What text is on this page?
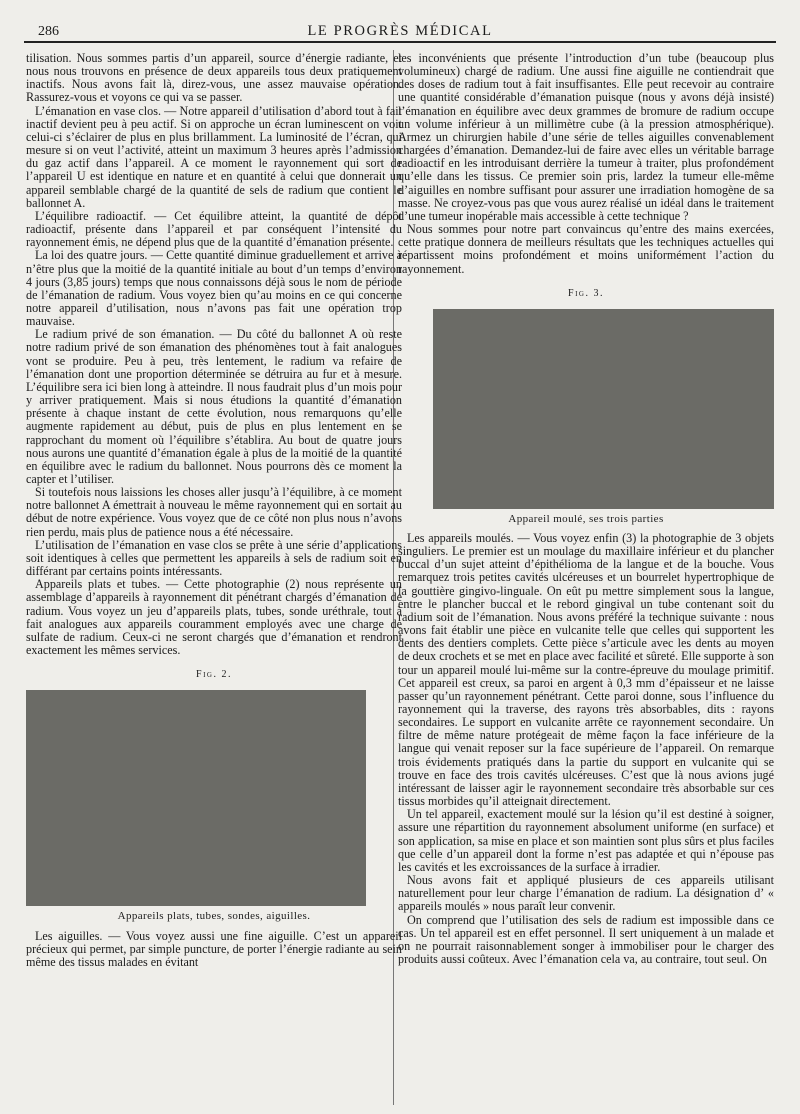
286	LE PROGRÈS MÉDICAL

tilisation. Nous sommes partis d’un appareil, source d’énergie radiante, et nous nous trouvons en présence de deux appareils tous deux pratiquement inactifs. Nous avons fait là, direz-vous, une assez mauvaise opération. Rassurez-vous et voyons ce qui va se passer.

L’émanation en vase clos. — Notre appareil d’utilisation d’abord tout à fait inactif devient peu à peu actif. Si on approche un écran luminescent on voit celui-ci s’éclairer de plus en plus brillamment. La luminosité de l’écran, qui mesure si on veut l’activité, atteint un maximum 3 heures après l’admission du gaz actif dans l’appareil. A ce moment le rayonnement qui sort de l’appareil U est identique en nature et en quantité à celui que donnerait un appareil semblable chargé de la quantité de sels de radium que contient le ballonnet A.

L’équilibre radioactif. — Cet équilibre atteint, la quantité de dépôt radioactif, présente dans l’appareil et par conséquent l’intensité du rayonnement émis, ne dépend plus que de la quantité d’émanation présente.

La loi des quatre jours. — Cette quantité diminue graduellement et arrive à n’être plus que la moitié de la quantité initiale au bout d’un temps d’environ 4 jours (3,85 jours) temps que nous connaissons déjà sous le nom de période de l’émanation de radium. Vous voyez bien qu’au moins en ce qui concerne notre appareil d’utilisation, nous n’avons pas fait une opération trop mauvaise.

Le radium privé de son émanation. — Du côté du ballonnet A où reste notre radium privé de son émanation des phénomènes tout à fait analogues vont se produire. Peu à peu, très lentement, le radium va refaire de l’émanation dont une proportion déterminée se détruira au fur et à mesure. L’équilibre sera ici bien long à atteindre. Il nous faudrait plus d’un mois pour y arriver pratiquement. Mais si nous étudions la quantité d’émanation présente à chaque instant de cette évolution, nous remarquons qu’elle augmente rapidement au début, puis de plus en plus lentement en se rapprochant du moment où l’équilibre s’établira. Au bout de quatre jours nous aurons une quantité d’émanation égale à plus de la moitié de la quantité en équilibre avec le radium du ballonnet. Nous pourrons dès ce moment la capter et l’utiliser.

Si toutefois nous laissions les choses aller jusqu’à l’équilibre, à ce moment notre ballonnet A émettrait à nouveau le même rayonnement qui en sortait au début de notre expérience. Vous voyez que de ce côté non plus nous n’avons rien perdu, mais plus de patience nous a été nécessaire.

L’utilisation de l’émanation en vase clos se prête à une série d’applications soit identiques à celles que permettent les appareils à sels de radium soit en différant par certains points intéressants.

Appareils plats et tubes. — Cette photographie (2) nous représente un assemblage d’appareils à rayonnement dit pénétrant chargés d’émanation de radium. Vous voyez un jeu d’appareils plats, tubes, sonde uréthrale, tout à fait analogues aux appareils couramment employés avec une charge de sulfate de radium. Ceux-ci ne seront chargés que d’émanation et rendront exactement les mêmes services.

Fig. 2.
Appareils plats, tubes, sondes, aiguilles.

Les aiguilles. — Vous voyez aussi une fine aiguille. C’est un appareil précieux qui permet, par simple puncture, de porter l’énergie radiante au sein même des tissus malades en évitant

les inconvénients que présente l’introduction d’un tube (beaucoup plus volumineux) chargé de radium. Une aussi fine aiguille ne contiendrait que des doses de radium tout à fait insuffisantes. Elle peut recevoir au contraire une quantité considérable d’émanation puisque (nous y avons déjà insisté) l’émanation en équilibre avec deux grammes de bromure de radium occupe un volume inférieur à un millimètre cube (à la pression atmosphérique). Armez un chirurgien habile d’une série de telles aiguilles convenablement chargées d’émanation. Demandez-lui de faire avec elles un véritable barrage radioactif en les introduisant derrière la tumeur à traiter, plus profondément qu’elle dans les tissus. Ce premier soin pris, lardez la tumeur elle-même d’aiguilles en nombre suffisant pour assurer une irradiation homogène de sa masse. Ne croyez-vous pas que vous aurez réalisé un idéal dans le traitement d’une tumeur inopérable mais accessible à cette technique ?

Nous sommes pour notre part convaincus qu’entre des mains exercées, cette pratique donnera de meilleurs résultats que les techniques actuelles qui répartissent moins profondément et moins uniformément l’action du rayonnement.

Fig. 3.
Appareil moulé, ses trois parties

Les appareils moulés. — Vous voyez enfin (3) la photographie de 3 objets singuliers. Le premier est un moulage du maxillaire inférieur et du plancher buccal d’un sujet atteint d’épithélioma de la langue et de la bouche. Vous remarquez trois petites cavités ulcéreuses et un bourrelet hypertrophique de la gouttière gingivo-linguale. On eût pu mettre simplement sous la langue, entre le plancher buccal et le rebord gingival un tube contenant soit du radium soit de l’émanation. Nous avons préféré la technique suivante : nous avons fait établir une pièce en vulcanite telle que celles qui supportent les dents des dentiers complets. Cette pièce s’articule avec les dents au moyen de deux crochets et se met en place avec facilité et sûreté. Elle supporte à son tour un appareil moulé lui-même sur la contre-épreuve du moulage primitif. Cet appareil est creux, sa paroi en argent à 0,3 mm d’épaisseur et ne laisse passer qu’un rayonnement pénétrant. Cette paroi donne, sous l’influence du rayonnement qui la traverse, des rayons très absorbables, dits : rayons secondaires. Le support en vulcanite arrête ce rayonnement secondaire. Un filtre de même nature protégeait de même façon la face inférieure de la langue qui venait reposer sur la face supérieure de l’appareil. On remarque trois évidements pratiqués dans la partie du support en vulcanite qui se trouve en face des trois cavités ulcéreuses. C’est que là nous avions jugé intéressant de laisser agir le rayonnement secondaire très absorbable sur ces tissus morbides qu’il atteignait directement.

Un tel appareil, exactement moulé sur la lésion qu’il est destiné à soigner, assure une répartition du rayonnement absolument uniforme (en surface) et son application, sa mise en place et son maintien sont plus sûrs et plus faciles que celle d’un appareil dont la forme n’est pas adaptée et qui n’épouse pas les cavités et les excroissances de la surface à irradier.

Nous avons fait et appliqué plusieurs de ces appareils utilisant naturellement pour leur charge l’émanation de radium. La désignation d’ « appareils moulés » nous paraît leur convenir.

On comprend que l’utilisation des sels de radium est impossible dans ce cas. Un tel appareil est en effet personnel. Il sert uniquement à un malade et on ne pourrait raisonnablement songer à immobiliser pour le charger des produits aussi coûteux. Avec l’émanation cela va, au contraire, tout seul. On
